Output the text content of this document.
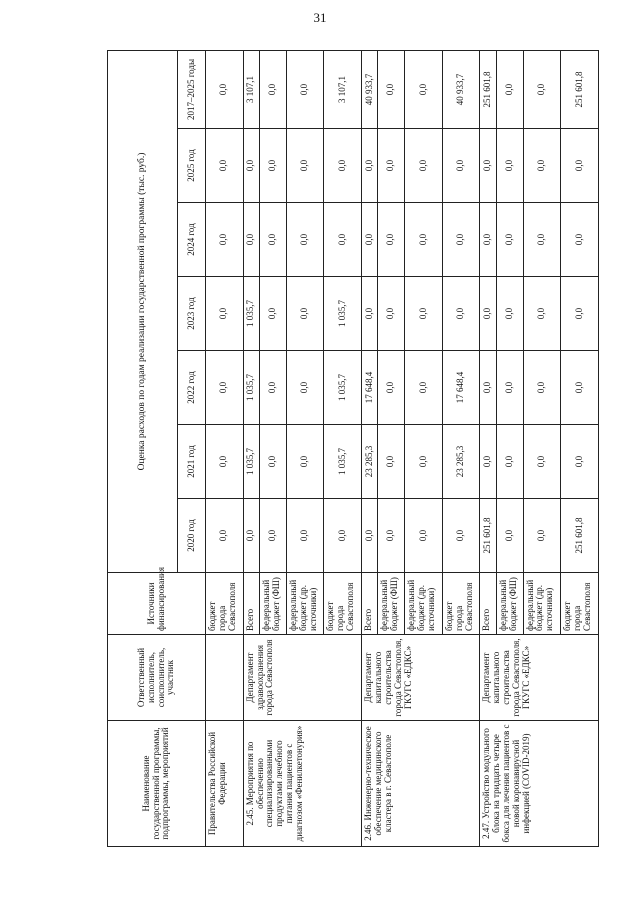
31
Наименование государственной программы, подпрограммы, мероприятий	Ответственный исполнитель, соисполнитель, участник	Источники финансирования	Оценка расходов по годам реализации государственной программы (тыс. руб.)						
			2020 год	2021 год	2022 год	2023 год	2024 год	2025 год	2017–2025 годы
Правительства Российской Федерации		бюджет города Севастополя	0,0	0,0	0,0	0,0	0,0	0,0	0,0
2.45. Мероприятия по обеспечению специализированными продуктами лечебного питания пациентов с диагнозом «Фенилкетонурия»	Департамент здравоохранения города Севастополя	Всего	0,0	1 035,7	1 035,7	1 035,7	0,0	0,0	3 107,1
		федеральный бюджет (ФШ)	0,0	0,0	0,0	0,0	0,0	0,0	0,0
		федеральный бюджет (др. источники)	0,0	0,0	0,0	0,0	0,0	0,0	0,0
		бюджет города Севастополя	0,0	1 035,7	1 035,7	1 035,7	0,0	0,0	3 107,1
2.46. Инженерно-техническое обеспечение медицинского кластера в г. Севастополе	Департамент капитального строительства города Севастополя, ГКУГС «ЕДКС»	Всего	0,0	23 285,3	17 648,4	0,0	0,0	0,0	40 933,7
		федеральный бюджет (ФШ)	0,0	0,0	0,0	0,0	0,0	0,0	0,0
		федеральный бюджет (др. источники)	0,0	0,0	0,0	0,0	0,0	0,0	0,0
		бюджет города Севастополя	0,0	23 285,3	17 648,4	0,0	0,0	0,0	40 933,7
2.47. Устройство модульного блока на тридцать четыре бокса для лечения пациентов с новой коронавирусной инфекцией (COVID-2019)	Департамент капитального строительства города Севастополя, ГКУГС «ЕДКС»	Всего	251 601,8	0,0	0,0	0,0	0,0	0,0	251 601,8
		федеральный бюджет (ФШ)	0,0	0,0	0,0	0,0	0,0	0,0	0,0
		федеральный бюджет (др. источники)	0,0	0,0	0,0	0,0	0,0	0,0	0,0
		бюджет города Севастополя	251 601,8	0,0	0,0	0,0	0,0	0,0	251 601,8
